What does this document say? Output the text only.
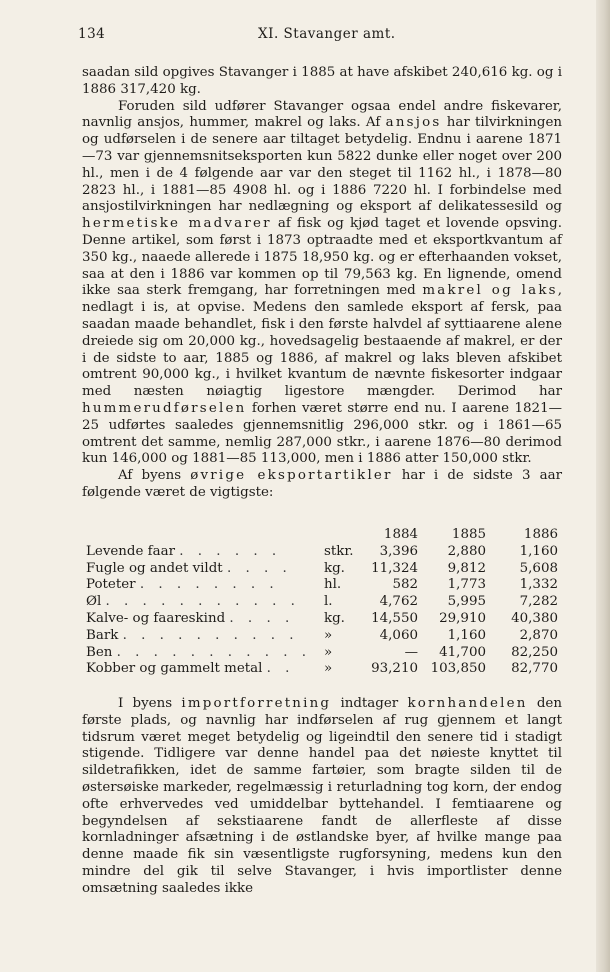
134	XI. Stavanger amt.

saadan sild opgives Stavanger i 1885 at have afskibet 240,616 kg. og i 1886 317,420 kg.

Foruden sild udfører Stavanger ogsaa endel andre fiskevarer, navnlig ansjos, hummer, makrel og laks. Af ansjos har tilvirkningen og udførselen i de senere aar tiltaget betydelig. Endnu i aarene 1871—73 var gjennemsnitseksporten kun 5822 dunke eller noget over 200 hl., men i de 4 følgende aar var den steget til 1162 hl., i 1878—80 2823 hl., i 1881—85 4908 hl. og i 1886 7220 hl. I forbindelse med ansjostilvirkningen har nedlægning og eksport af delikatessesild og hermetiske madvarer af fisk og kjød taget et lovende opsving. Denne artikel, som først i 1873 optraadte med et eksportkvantum af 350 kg., naaede allerede i 1875 18,950 kg. og er efterhaanden vokset, saa at den i 1886 var kommen op til 79,563 kg. En lignende, omend ikke saa sterk fremgang, har forretningen med makrel og laks, nedlagt i is, at opvise. Medens den samlede eksport af fersk, paa saadan maade behandlet, fisk i den første halvdel af syttiaarene alene dreiede sig om 20,000 kg., hovedsagelig bestaaende af makrel, er der i de sidste to aar, 1885 og 1886, af makrel og laks bleven afskibet omtrent 90,000 kg., i hvilket kvantum de nævnte fiskesorter indgaar med næsten nøiagtig ligestore mængder. Derimod har hummerudførselen forhen været større end nu. I aarene 1821—25 udførtes saaledes gjennemsnitlig 296,000 stkr. og i 1861—65 omtrent det samme, nemlig 287,000 stkr., i aarene 1876—80 derimod kun 146,000 og 1881—85 113,000, men i 1886 atter 150,000 stkr.

Af byens øvrige eksportartikler har i de sidste 3 aar følgende været de vigtigste:

1884	1885	1886
Levende faar . . . . . .	stkr.	3,396	2,880	1,160
Fugle og andet vildt . . . . kg.	11,324	9,812	5,608
Poteter . . . . . . . .	hl.	582	1,773	1,332
Øl . . . . . . . . . . . l.	4,762	5,995	7,282
Kalve- og faareskind . . . . kg.	14,550	29,910	40,380
Bark . . . . . . . . . . »	4,060	1,160	2,870
Ben . . . . . . . . . . . »	—	41,700	82,250
Kobber og gammelt metal . . »	93,210 103,850	82,770

I byens importforretning indtager kornhandelen den første plads, og navnlig har indførselen af rug gjennem et langt tidsrum været meget betydelig og ligeindtil den senere tid i stadigt stigende. Tidligere var denne handel paa det nøieste knyttet til sildetrafikken, idet de samme fartøier, som bragte silden til de østersøiske markeder, regelmæssig i returladning tog korn, der endog ofte erhvervedes ved umiddelbar byttehandel. I femtiaarene og begyndelsen af sekstiaarene fandt de allerfleste af disse kornladninger afsætning i de østlandske byer, af hvilke mange paa denne maade fik sin væsentligste rugforsyning, medens kun den mindre del gik til selve Stavanger, i hvis importlister denne omsætning saaledes ikke
